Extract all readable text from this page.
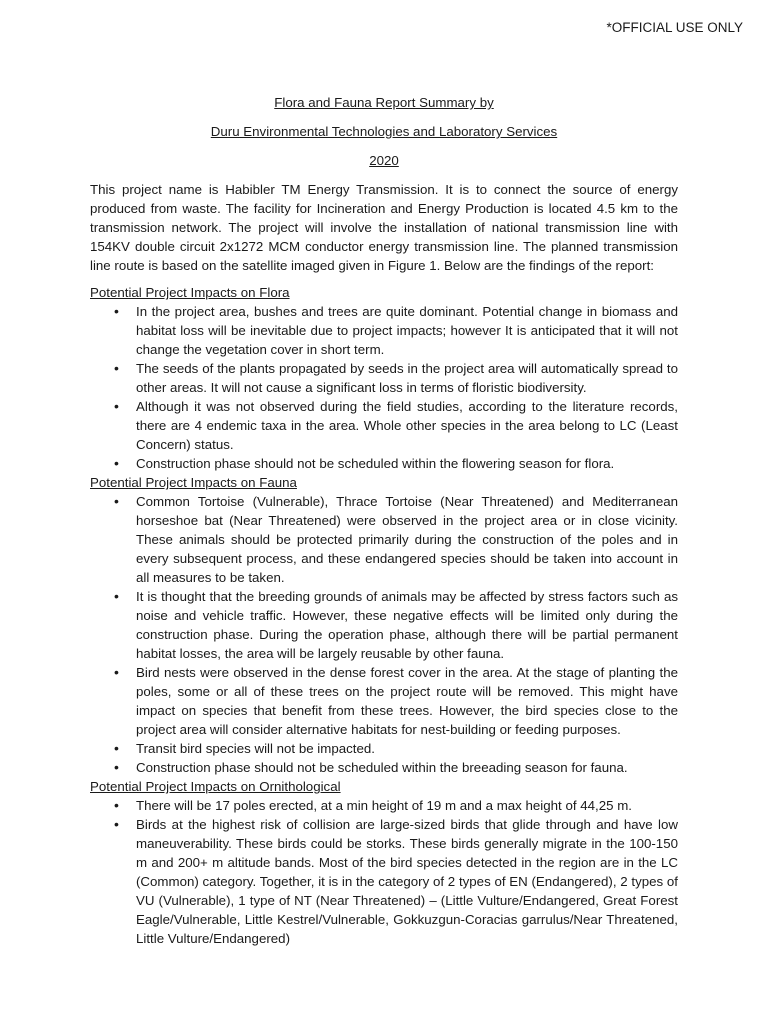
*OFFICIAL USE ONLY
Flora and Fauna Report Summary by
Duru Environmental Technologies and Laboratory Services
2020

This project name is Habibler TM Energy Transmission. It is to connect the source of energy produced from waste. The facility for Incineration and Energy Production is located 4.5 km to the transmission network. The project will involve the installation of national transmission line with 154KV double circuit 2x1272 MCM conductor energy transmission line. The planned transmission line route is based on the satellite imaged given in Figure 1. Below are the findings of the report:

Potential Project Impacts on Flora
• In the project area, bushes and trees are quite dominant. Potential change in biomass and habitat loss will be inevitable due to project impacts; however It is anticipated that it will not change the vegetation cover in short term.
• The seeds of the plants propagated by seeds in the project area will automatically spread to other areas. It will not cause a significant loss in terms of floristic biodiversity.
• Although it was not observed during the field studies, according to the literature records, there are 4 endemic taxa in the area. Whole other species in the area belong to LC (Least Concern) status.
• Construction phase should not be scheduled within the flowering season for flora.
Potential Project Impacts on Fauna
• Common Tortoise (Vulnerable), Thrace Tortoise (Near Threatened) and Mediterranean horseshoe bat (Near Threatened) were observed in the project area or in close vicinity. These animals should be protected primarily during the construction of the poles and in every subsequent process, and these endangered species should be taken into account in all measures to be taken.
• It is thought that the breeding grounds of animals may be affected by stress factors such as noise and vehicle traffic. However, these negative effects will be limited only during the construction phase. During the operation phase, although there will be partial permanent habitat losses, the area will be largely reusable by other fauna.
• Bird nests were observed in the dense forest cover in the area. At the stage of planting the poles, some or all of these trees on the project route will be removed. This might have impact on species that benefit from these trees. However, the bird species close to the project area will consider alternative habitats for nest-building or feeding purposes.
• Transit bird species will not be impacted.
• Construction phase should not be scheduled within the breeading season for fauna.
Potential Project Impacts on Ornithological
• There will be 17 poles erected, at a min height of 19 m and a max height of 44,25 m.
• Birds at the highest risk of collision are large-sized birds that glide through and have low maneuverability. These birds could be storks. These birds generally migrate in the 100-150 m and 200+ m altitude bands. Most of the bird species detected in the region are in the LC (Common) category. Together, it is in the category of 2 types of EN (Endangered), 2 types of VU (Vulnerable), 1 type of NT (Near Threatened) – (Little Vulture/Endangered, Great Forest Eagle/Vulnerable, Little Kestrel/Vulnerable, Gokkuzgun-Coracias garrulus/Near Threatened, Little Vulture/Endangered)
